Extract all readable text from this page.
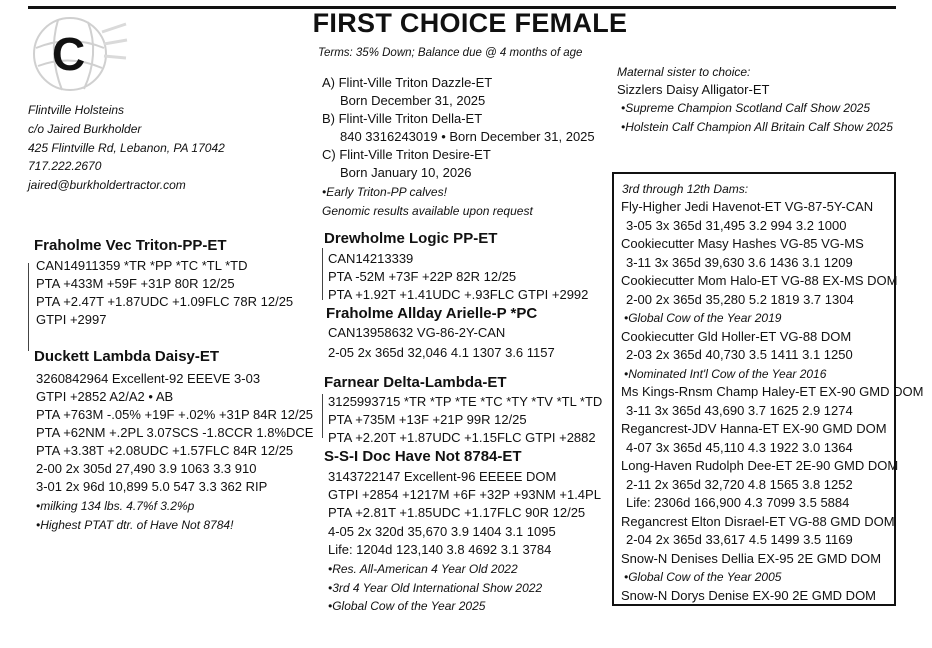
C
FIRST CHOICE FEMALE
Terms: 35% Down; Balance due @ 4 months of age
Flintville Holsteins
c/o Jaired Burkholder
425 Flintville Rd, Lebanon, PA 17042
717.222.2670
jaired@burkholdertractor.com
A) Flint-Ville Triton Dazzle-ET
Born December 31, 2025
B) Flint-Ville Triton Della-ET
840 3316243019 • Born December 31, 2025
C) Flint-Ville Triton Desire-ET
Born January 10, 2026
•Early Triton-PP calves!
Genomic results available upon request
Maternal sister to choice:
Sizzlers Daisy Alligator-ET
•Supreme Champion Scotland Calf Show 2025
•Holstein Calf Champion All Britain Calf Show 2025
Fraholme Vec Triton-PP-ET
CAN14911359 *TR *PP *TC *TL *TD
PTA +433M +59F +31P 80R 12/25
PTA +2.47T +1.87UDC +1.09FLC 78R 12/25
GTPI +2997
Duckett Lambda Daisy-ET
3260842964 Excellent-92 EEEVE 3-03
GTPI +2852 A2/A2 • AB
PTA +763M -.05% +19F +.02% +31P 84R 12/25
PTA +62NM +.2PL 3.07SCS -1.8CCR 1.8%DCE
PTA +3.38T +2.08UDC +1.57FLC 84R 12/25
2-00 2x 305d 27,490 3.9 1063 3.3 910
3-01 2x 96d 10,899 5.0 547 3.3 362 RIP
•milking 134 lbs. 4.7%f 3.2%p
•Highest PTAT dtr. of Have Not 8784!
Drewholme Logic PP-ET
CAN14213339
PTA -52M +73F +22P 82R 12/25
PTA +1.92T +1.41UDC +.93FLC GTPI +2992
Fraholme Allday Arielle-P *PC
CAN13958632 VG-86-2Y-CAN
2-05 2x 365d 32,046 4.1 1307 3.6 1157
Farnear Delta-Lambda-ET
3125993715 *TR *TP *TE *TC *TY *TV *TL *TD
PTA +735M +13F +21P 99R 12/25
PTA +2.20T +1.87UDC +1.15FLC GTPI +2882
S-S-I Doc Have Not 8784-ET
3143722147 Excellent-96 EEEEE DOM
GTPI +2854 +1217M +6F +32P +93NM +1.4PL
PTA +2.81T +1.85UDC +1.17FLC 90R 12/25
4-05 2x 320d 35,670 3.9 1404 3.1 1095
Life: 1204d 123,140 3.8 4692 3.1 3784
•Res. All-American 4 Year Old 2022
•3rd 4 Year Old International Show 2022
•Global Cow of the Year 2025
3rd through 12th Dams:
Fly-Higher Jedi Havenot-ET VG-87-5Y-CAN
3-05 3x 365d 31,495 3.2 994 3.2 1000
Cookiecutter Masy Hashes VG-85 VG-MS
3-11 3x 365d 39,630 3.6 1436 3.1 1209
Cookiecutter Mom Halo-ET VG-88 EX-MS DOM
2-00 2x 365d 35,280 5.2 1819 3.7 1304
•Global Cow of the Year 2019
Cookiecutter Gld Holler-ET VG-88 DOM
2-03 2x 365d 40,730 3.5 1411 3.1 1250
•Nominated Int'l Cow of the Year 2016
Ms Kings-Rnsm Champ Haley-ET EX-90 GMD DOM
3-11 3x 365d 43,690 3.7 1625 2.9 1274
Regancrest-JDV Hanna-ET EX-90 GMD DOM
4-07 3x 365d 45,110 4.3 1922 3.0 1364
Long-Haven Rudolph Dee-ET 2E-90 GMD DOM
2-11 2x 365d 32,720 4.8 1565 3.8 1252
Life: 2306d 166,900 4.3 7099 3.5 5884
Regancrest Elton Disrael-ET VG-88 GMD DOM
2-04 2x 365d 33,617 4.5 1499 3.5 1169
Snow-N Denises Dellia EX-95 2E GMD DOM
•Global Cow of the Year 2005
Snow-N Dorys Denise EX-90 2E GMD DOM
